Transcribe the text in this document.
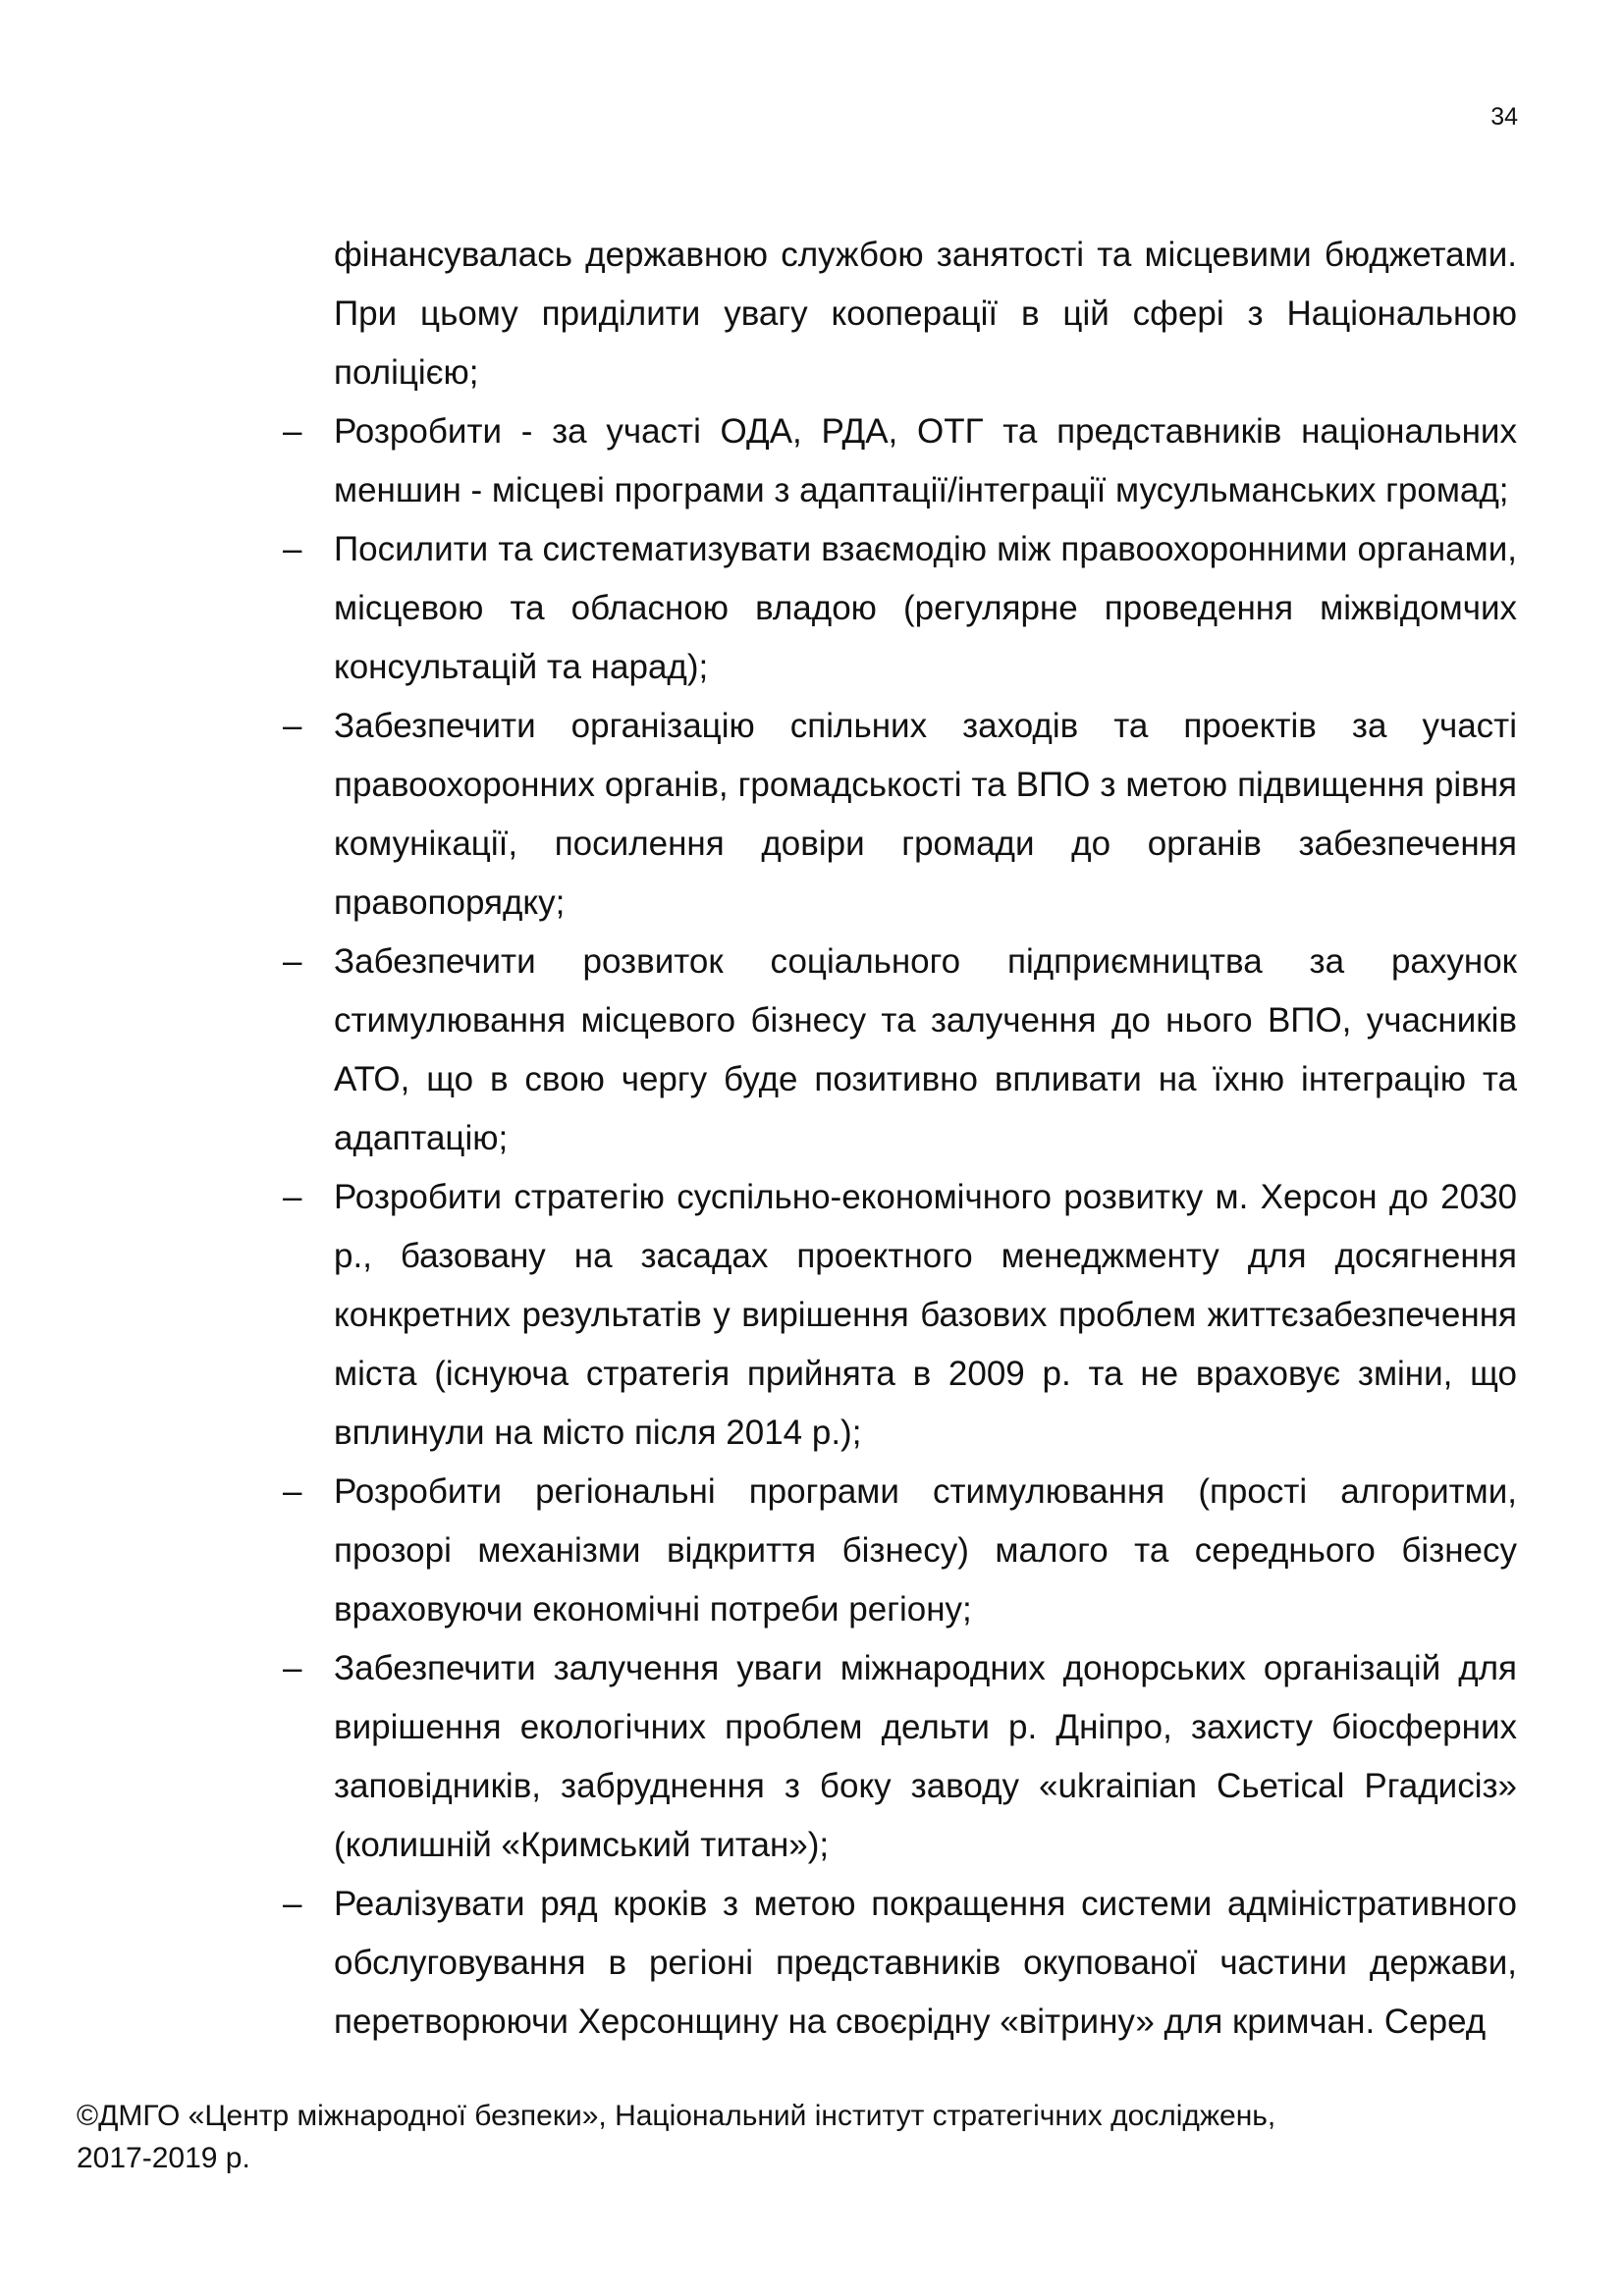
34

фінансувалась державною службою занятості та місцевими бюджетами. При цьому приділити увагу кооперації в цій сфері з Національною поліцією;

– Розробити - за участі ОДА, РДА, ОТГ та представників національних меншин - місцеві програми з адаптації/інтеграції мусульманських громад;
– Посилити та систематизувати взаємодію між правоохоронними органами, місцевою та обласною владою (регулярне проведення міжвідомчих консультацій та нарад);
– Забезпечити організацію спільних заходів та проектів за участі правоохоронних органів, громадськості та ВПО з метою підвищення рівня комунікації, посилення довіри громади до органів забезпечення правопорядку;
– Забезпечити розвиток соціального підприємництва за рахунок стимулювання місцевого бізнесу та залучення до нього ВПО, учасників АТО, що в свою чергу буде позитивно впливати на їхню інтеграцію та адаптацію;
– Розробити стратегію суспільно-економічного розвитку м. Херсон до 2030 р., базовану на засадах проектного менеджменту для досягнення конкретних результатів у вирішення базових проблем життєзабезпечення міста (існуюча стратегія прийнята в 2009 р. та не враховує зміни, що вплинули на місто після 2014 р.);
– Розробити регіональні програми стимулювання (прості алгоритми, прозорі механізми відкриття бізнесу) малого та середнього бізнесу враховуючи економічні потреби регіону;
– Забезпечити залучення уваги міжнародних донорських організацій для вирішення екологічних проблем дельти р. Дніпро, захисту біосферних заповідників, забруднення з боку заводу «ukraiпian Сьетісаl Ргадисіз» (колишній «Кримський титан»);
– Реалізувати ряд кроків з метою покращення системи адміністративного обслуговування в регіоні представників окупованої частини держави, перетворюючи Херсонщину на своєрідну «вітрину» для кримчан. Серед
©ДМГО «Центр міжнародної безпеки», Національний інститут стратегічних досліджень,
2017-2019 р.
